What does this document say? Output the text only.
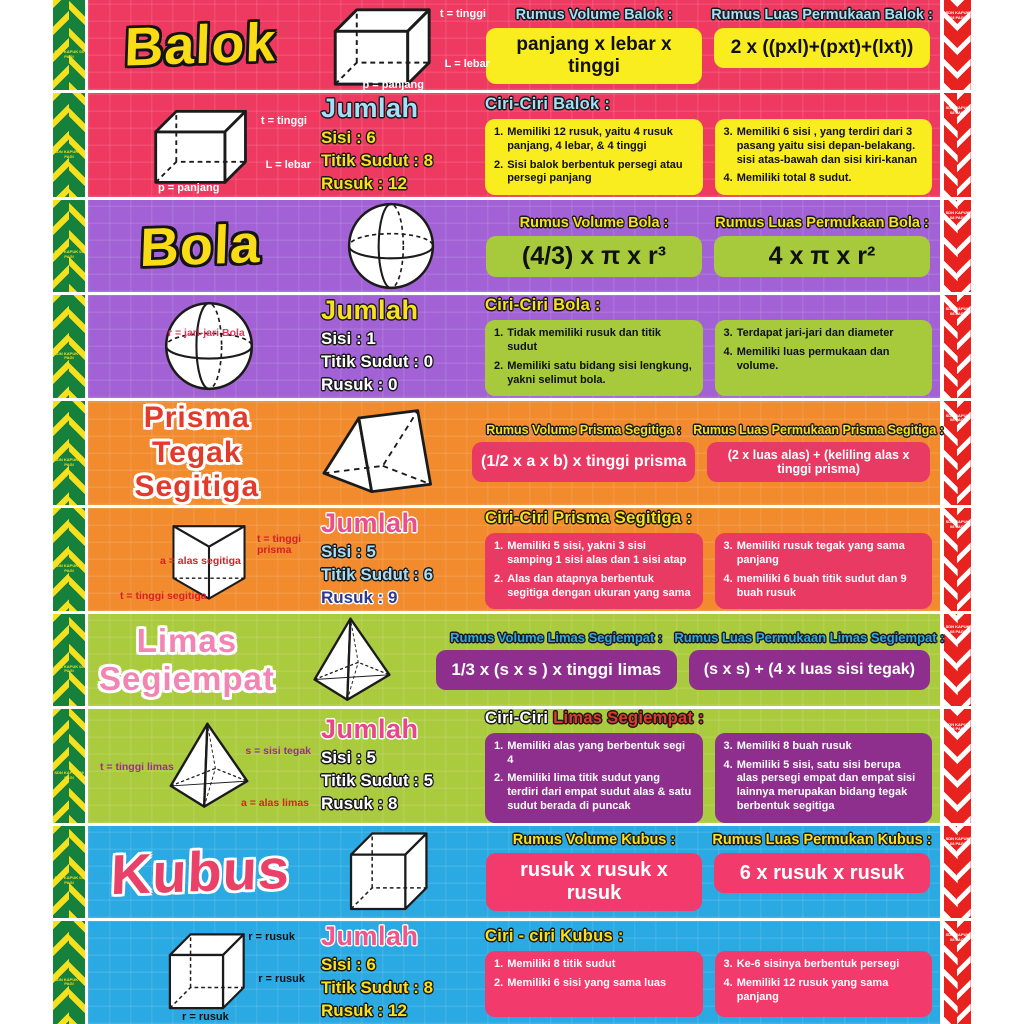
Balok	t = tinggi
L = lebar
p = panjang
Rumus Volume Balok :
panjang x lebar x tinggi
Rumus Luas Permukaan Balok :
2 x ((pxl)+(pxt)+(lxt))
t = tinggi
L = lebar
p = panjang
Jumlah
Sisi : 6
Titik Sudut : 8
Rusuk : 12
Ciri-Ciri Balok :
1. Memiliki 12 rusuk, yaitu 4 rusuk panjang, 4 lebar, & 4 tinggi
2. Sisi balok berbentuk persegi atau persegi panjang
3. Memiliki 6 sisi , yang terdiri dari 3 pasang yaitu sisi depan-belakang. sisi atas-bawah dan sisi kiri-kanan
4. Memiliki total 8 sudut.
Bola	Rumus Volume Bola :
(4/3) x π x r³
Rumus Luas Permukaan Bola :
4 x π x r²
r = jari-jari Bola
Jumlah
Sisi : 1
Titik Sudut : 0
Rusuk : 0
Ciri-Ciri Bola :
1. Tidak memiliki rusuk dan titik sudut
2. Memiliki satu bidang sisi lengkung, yakni selimut bola.
3. Terdapat jari-jari dan diameter
4. Memiliki luas permukaan dan volume.
Prisma Tegak Segitiga
Rumus Volume Prisma Segitiga :
(1/2 x a x b) x tinggi prisma
Rumus Luas Permukaan Prisma Segitiga :
(2 x luas alas) + (keliling alas x tinggi prisma)
t = tinggi prisma
a = alas segitiga
t = tinggi segitiga
Jumlah
Sisi : 5
Titik Sudut : 6
Rusuk : 9
Ciri-Ciri Prisma Segitiga :
1. Memiliki 5 sisi, yakni 3 sisi samping 1 sisi alas dan 1 sisi atap
2. Alas dan atapnya berbentuk segitiga dengan ukuran yang sama
3. Memiliki rusuk tegak yang sama panjang
4. memiliki 6 buah titik sudut dan 9 buah rusuk
Limas Segiempat
Rumus Volume Limas Segiempat :
1/3 x (s x s ) x tinggi limas
Rumus Luas Permukaan Limas Segiempat :
(s x s) + (4 x luas sisi tegak)
s = sisi tegak
t = tinggi limas
a = alas limas
Jumlah
Sisi : 5
Titik Sudut : 5
Rusuk : 8
Ciri-Ciri Limas Segiempat :
1. Memiliki alas yang berbentuk segi 4
2. Memiliki lima titik sudut yang terdiri dari empat sudut alas & satu sudut berada di puncak
3. Memiliki 8 buah rusuk
4. Memiliki 5 sisi, satu sisi berupa alas persegi empat dan empat sisi lainnya merupakan bidang tegak berbentuk segitiga
Kubus	Rumus Volume Kubus :
rusuk x rusuk x rusuk
Rumus Luas Permukan Kubus :
6 x rusuk x rusuk
r = rusuk
r = rusuk
r = rusuk
Jumlah
Sisi : 6
Titik Sudut : 8
Rusuk : 12
Ciri - ciri Kubus :
1. Memiliki 8 titik sudut
2. Memiliki 6 sisi yang sama luas
3. Ke-6 sisinya berbentuk persegi
4. Memiliki 12 rusuk yang sama panjang
SDN KAPUK 08 PAGI
SDN KAPUK 08 PAGI
SDN KAPUK 08 PAGI
SDN KAPUK 08 PAGI
SDN KAPUK 08 PAGI
SDN KAPUK 08 PAGI
SDN KAPUK 08 PAGI
SDN KAPUK 08 PAGI
SDN KAPUK 08 PAGI
SDN KAPUK 08 PAGI
SDN KAPUK 08 PAGI
SDN KAPUK 08 PAGI
SDN KAPUK 08 PAGI
SDN KAPUK 08 PAGI
SDN KAPUK 08 PAGI
SDN KAPUK 08 PAGI
SDN KAPUK 08 PAGI
SDN KAPUK 08 PAGI
SDN KAPUK 08 PAGI
SDN KAPUK 08 PAGI
